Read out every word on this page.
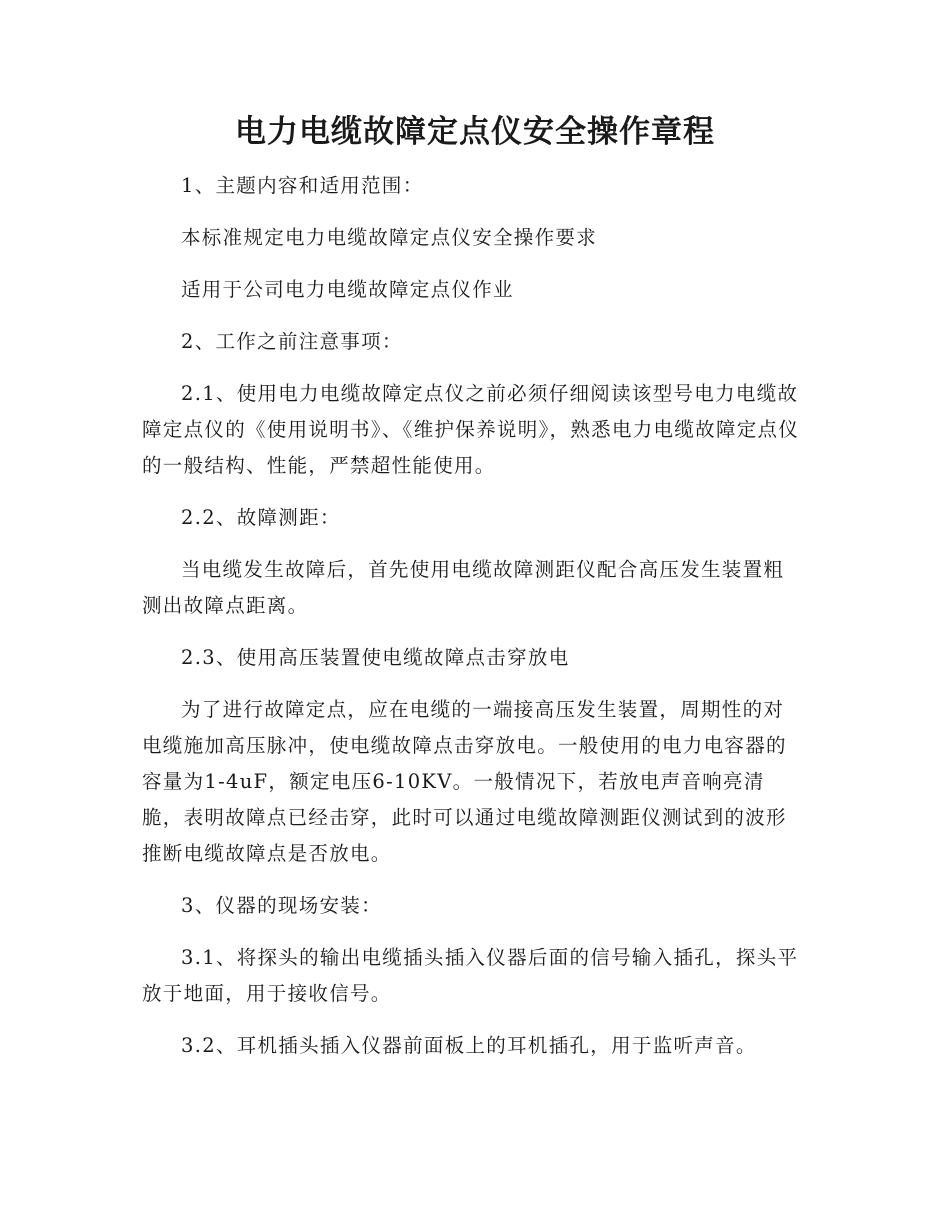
电力电缆故障定点仪安全操作章程

1、主题内容和适用范围：

本标准规定电力电缆故障定点仪安全操作要求

适用于公司电力电缆故障定点仪作业

2、工作之前注意事项：

2.1、使用电力电缆故障定点仪之前必须仔细阅读该型号电力电缆故障定点仪的《使用说明书》、《维护保养说明》，熟悉电力电缆故障定点仪的一般结构、性能，严禁超性能使用。

2.2、故障测距：

当电缆发生故障后，首先使用电缆故障测距仪配合高压发生装置粗测出故障点距离。

2.3、使用高压装置使电缆故障点击穿放电

为了进行故障定点，应在电缆的一端接高压发生装置，周期性的对电缆施加高压脉冲，使电缆故障点击穿放电。一般使用的电力电容器的容量为1-4uF，额定电压6-10KV。一般情况下，若放电声音响亮清脆，表明故障点已经击穿，此时可以通过电缆故障测距仪测试到的波形推断电缆故障点是否放电。

3、仪器的现场安装：

3.1、将探头的输出电缆插头插入仪器后面的信号输入插孔，探头平放于地面，用于接收信号。

3.2、耳机插头插入仪器前面板上的耳机插孔，用于监听声音。
